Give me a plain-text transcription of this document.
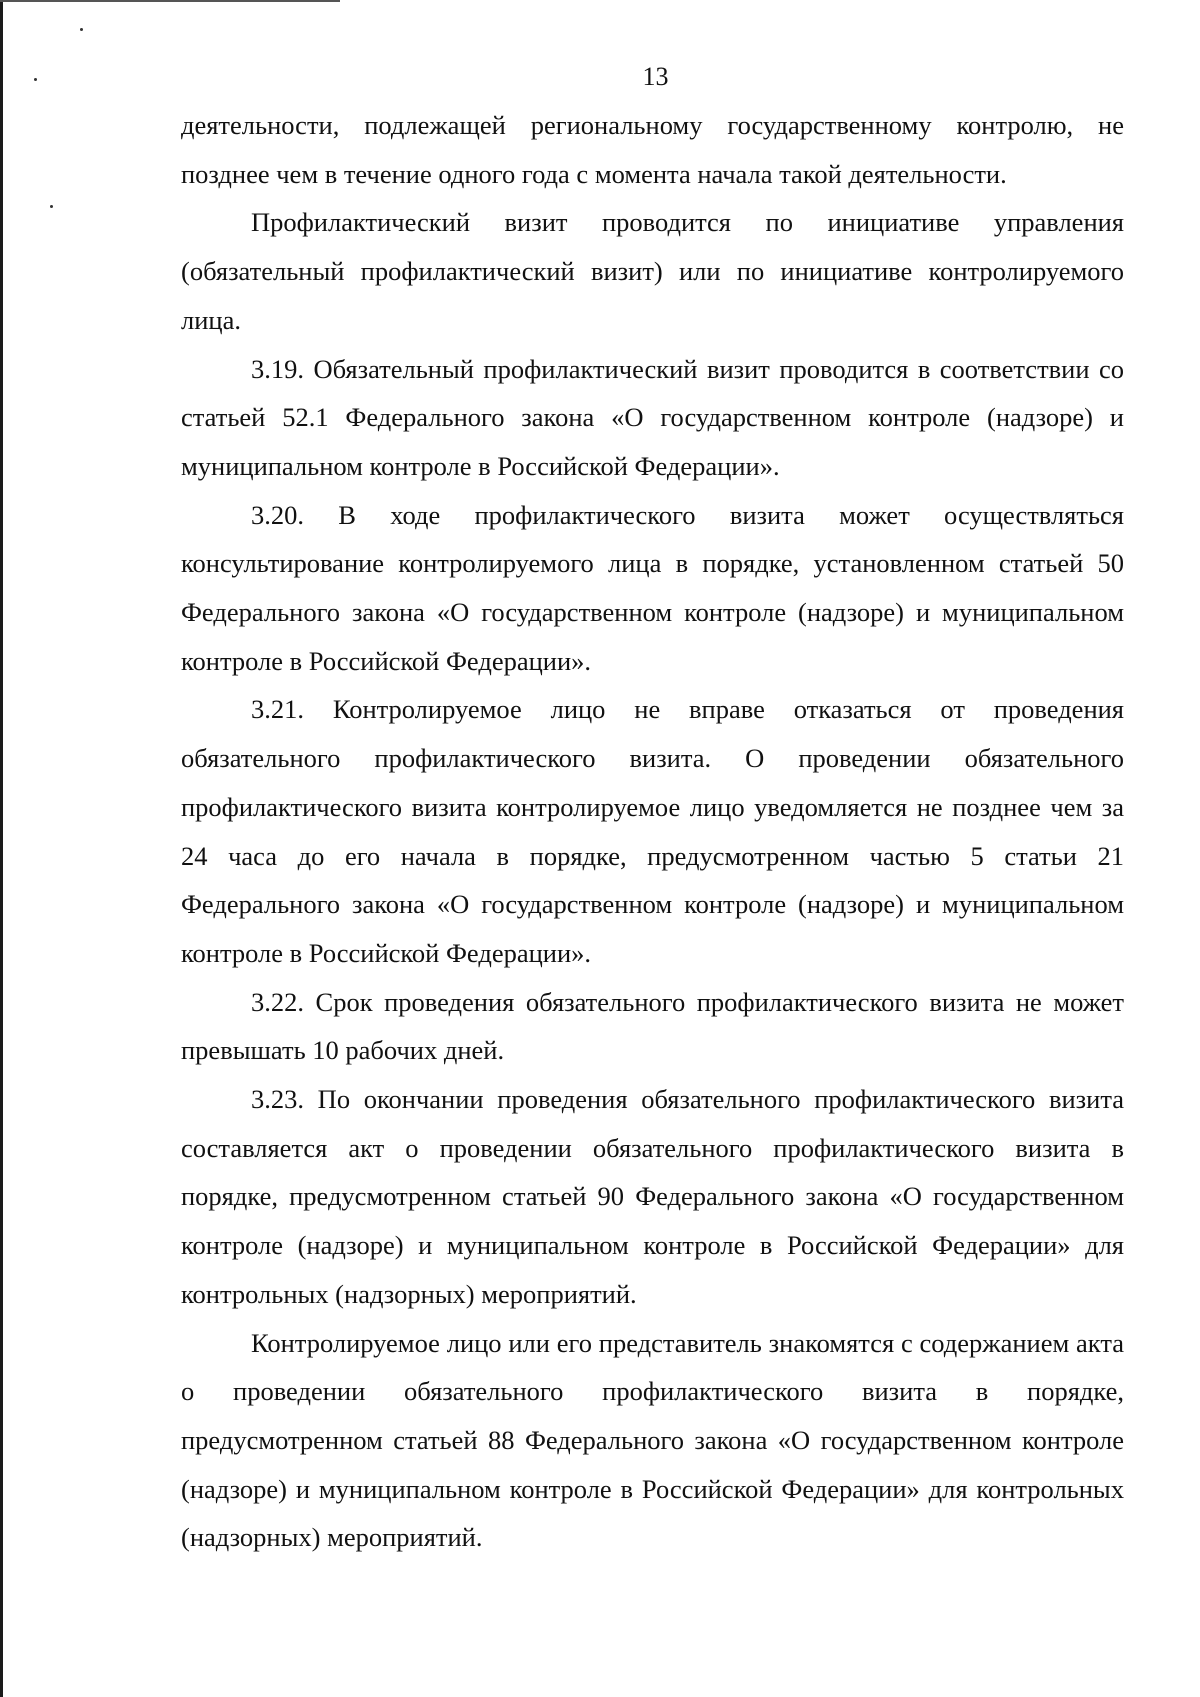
13

деятельности, подлежащей региональному государственному контролю, не позднее чем в течение одного года с момента начала такой деятельности.

Профилактический визит проводится по инициативе управления (обязательный профилактический визит) или по инициативе контролируемого лица.

3.19. Обязательный профилактический визит проводится в соответствии со статьей 52.1 Федерального закона «О государственном контроле (надзоре) и муниципальном контроле в Российской Федерации».

3.20. В ходе профилактического визита может осуществляться консультирование контролируемого лица в порядке, установленном статьей 50 Федерального закона «О государственном контроле (надзоре) и муниципальном контроле в Российской Федерации».

3.21. Контролируемое лицо не вправе отказаться от проведения обязательного профилактического визита. О проведении обязательного профилактического визита контролируемое лицо уведомляется не позднее чем за 24 часа до его начала в порядке, предусмотренном частью 5 статьи 21 Федерального закона «О государственном контроле (надзоре) и муниципальном контроле в Российской Федерации».

3.22. Срок проведения обязательного профилактического визита не может превышать 10 рабочих дней.

3.23. По окончании проведения обязательного профилактического визита составляется акт о проведении обязательного профилактического визита в порядке, предусмотренном статьей 90 Федерального закона «О государственном контроле (надзоре) и муниципальном контроле в Российской Федерации» для контрольных (надзорных) мероприятий.

Контролируемое лицо или его представитель знакомятся с содержанием акта о проведении обязательного профилактического визита в порядке, предусмотренном статьей 88 Федерального закона «О государственном контроле (надзоре) и муниципальном контроле в Российской Федерации» для контрольных (надзорных) мероприятий.
